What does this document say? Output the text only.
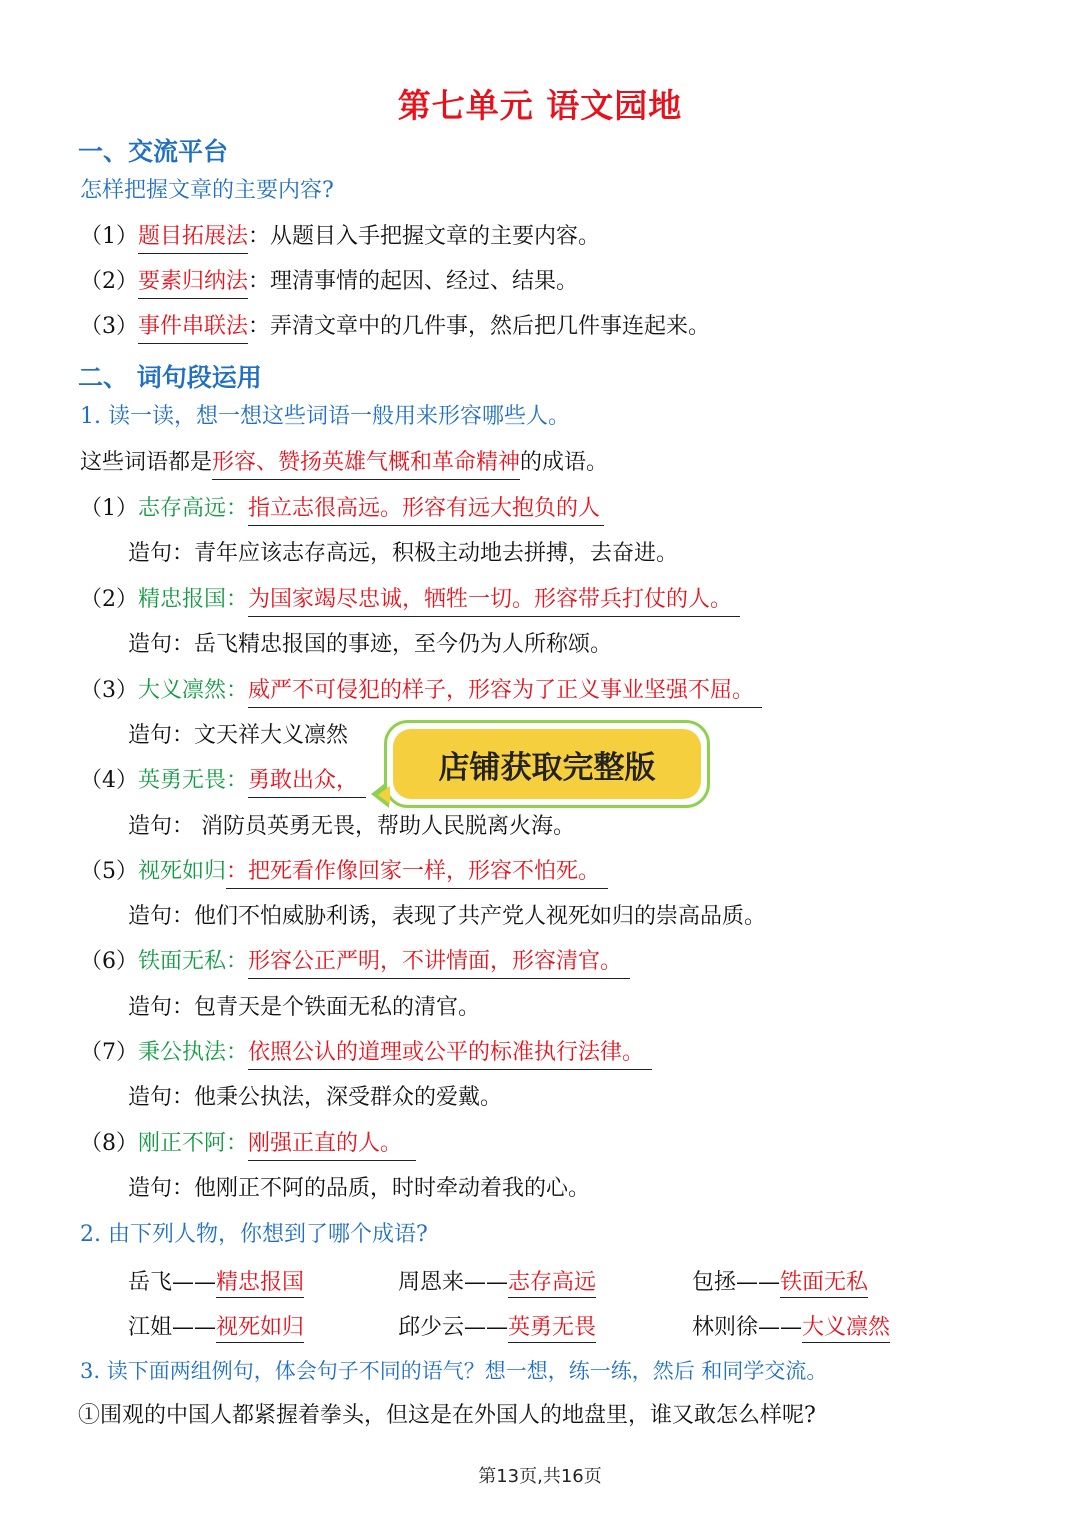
第七单元 语文园地
一、交流平台
怎样把握文章的主要内容?
（1）题目拓展法：从题目入手把握文章的主要内容。
（2）要素归纳法：理清事情的起因、经过、结果。
（3）事件串联法：弄清文章中的几件事，然后把几件事连起来。
二、 词句段运用
1. 读一读，想一想这些词语一般用来形容哪些人。
这些词语都是形容、赞扬英雄气概和革命精神的成语。
（1）志存高远：指立志很高远。形容有远大抱负的人
造句：青年应该志存高远，积极主动地去拼搏，去奋进。
（2）精忠报国：为国家竭尽忠诚，牺牲一切。形容带兵打仗的人。
造句：岳飞精忠报国的事迹，至今仍为人所称颂。
（3）大义凛然：威严不可侵犯的样子，形容为了正义事业坚强不屈。
造句：文天祥大义凛然
（4）英勇无畏：勇敢出众，
造句： 消防员英勇无畏，帮助人民脱离火海。
（5）视死如归：把死看作像回家一样，形容不怕死。
造句：他们不怕威胁利诱，表现了共产党人视死如归的崇高品质。
（6）铁面无私：形容公正严明，不讲情面，形容清官。
造句：包青天是个铁面无私的清官。
（7）秉公执法：依照公认的道理或公平的标准执行法律。
造句：他秉公执法，深受群众的爱戴。
（8）刚正不阿：刚强正直的人。
造句：他刚正不阿的品质，时时牵动着我的心。
2. 由下列人物，你想到了哪个成语?
岳飞——精忠报国	周恩来——志存高远	包拯——铁面无私
江姐——视死如归	邱少云——英勇无畏	林则徐——大义凛然
3. 读下面两组例句，体会句子不同的语气？想一想，练一练，然后 和同学交流。
①围观的中国人都紧握着拳头，但这是在外国人的地盘里，谁又敢怎么样呢?
店铺获取完整版
第13页,共16页
